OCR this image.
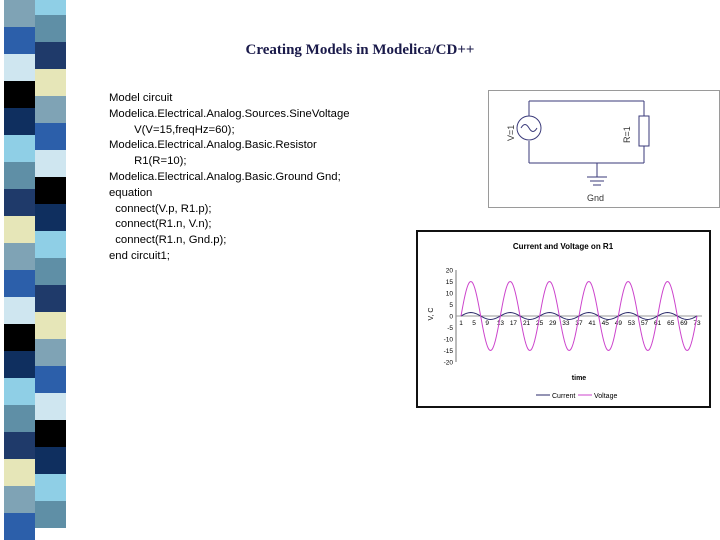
Creating Models in Modelica/CD++
Model circuit
Modelica.Electrical.Analog.Sources.SineVoltage
V(V=15,freqHz=60);
Modelica.Electrical.Analog.Basic.Resistor
R1(R=10);
Modelica.Electrical.Analog.Basic.Ground Gnd;
equation
connect(V.p, R1.p);
connect(R1.n, V.n);
connect(R1.n, Gnd.p);
end circuit1;
V=1	R=1
Gnd
Current and Voltage on R1
V, C
time
20
15
10
5
0
-5
-10
-15
-20
1 5 9 13 17 21 25 29 33 37 41 45 49 53 57 61 65 69 73
Current	Voltage
